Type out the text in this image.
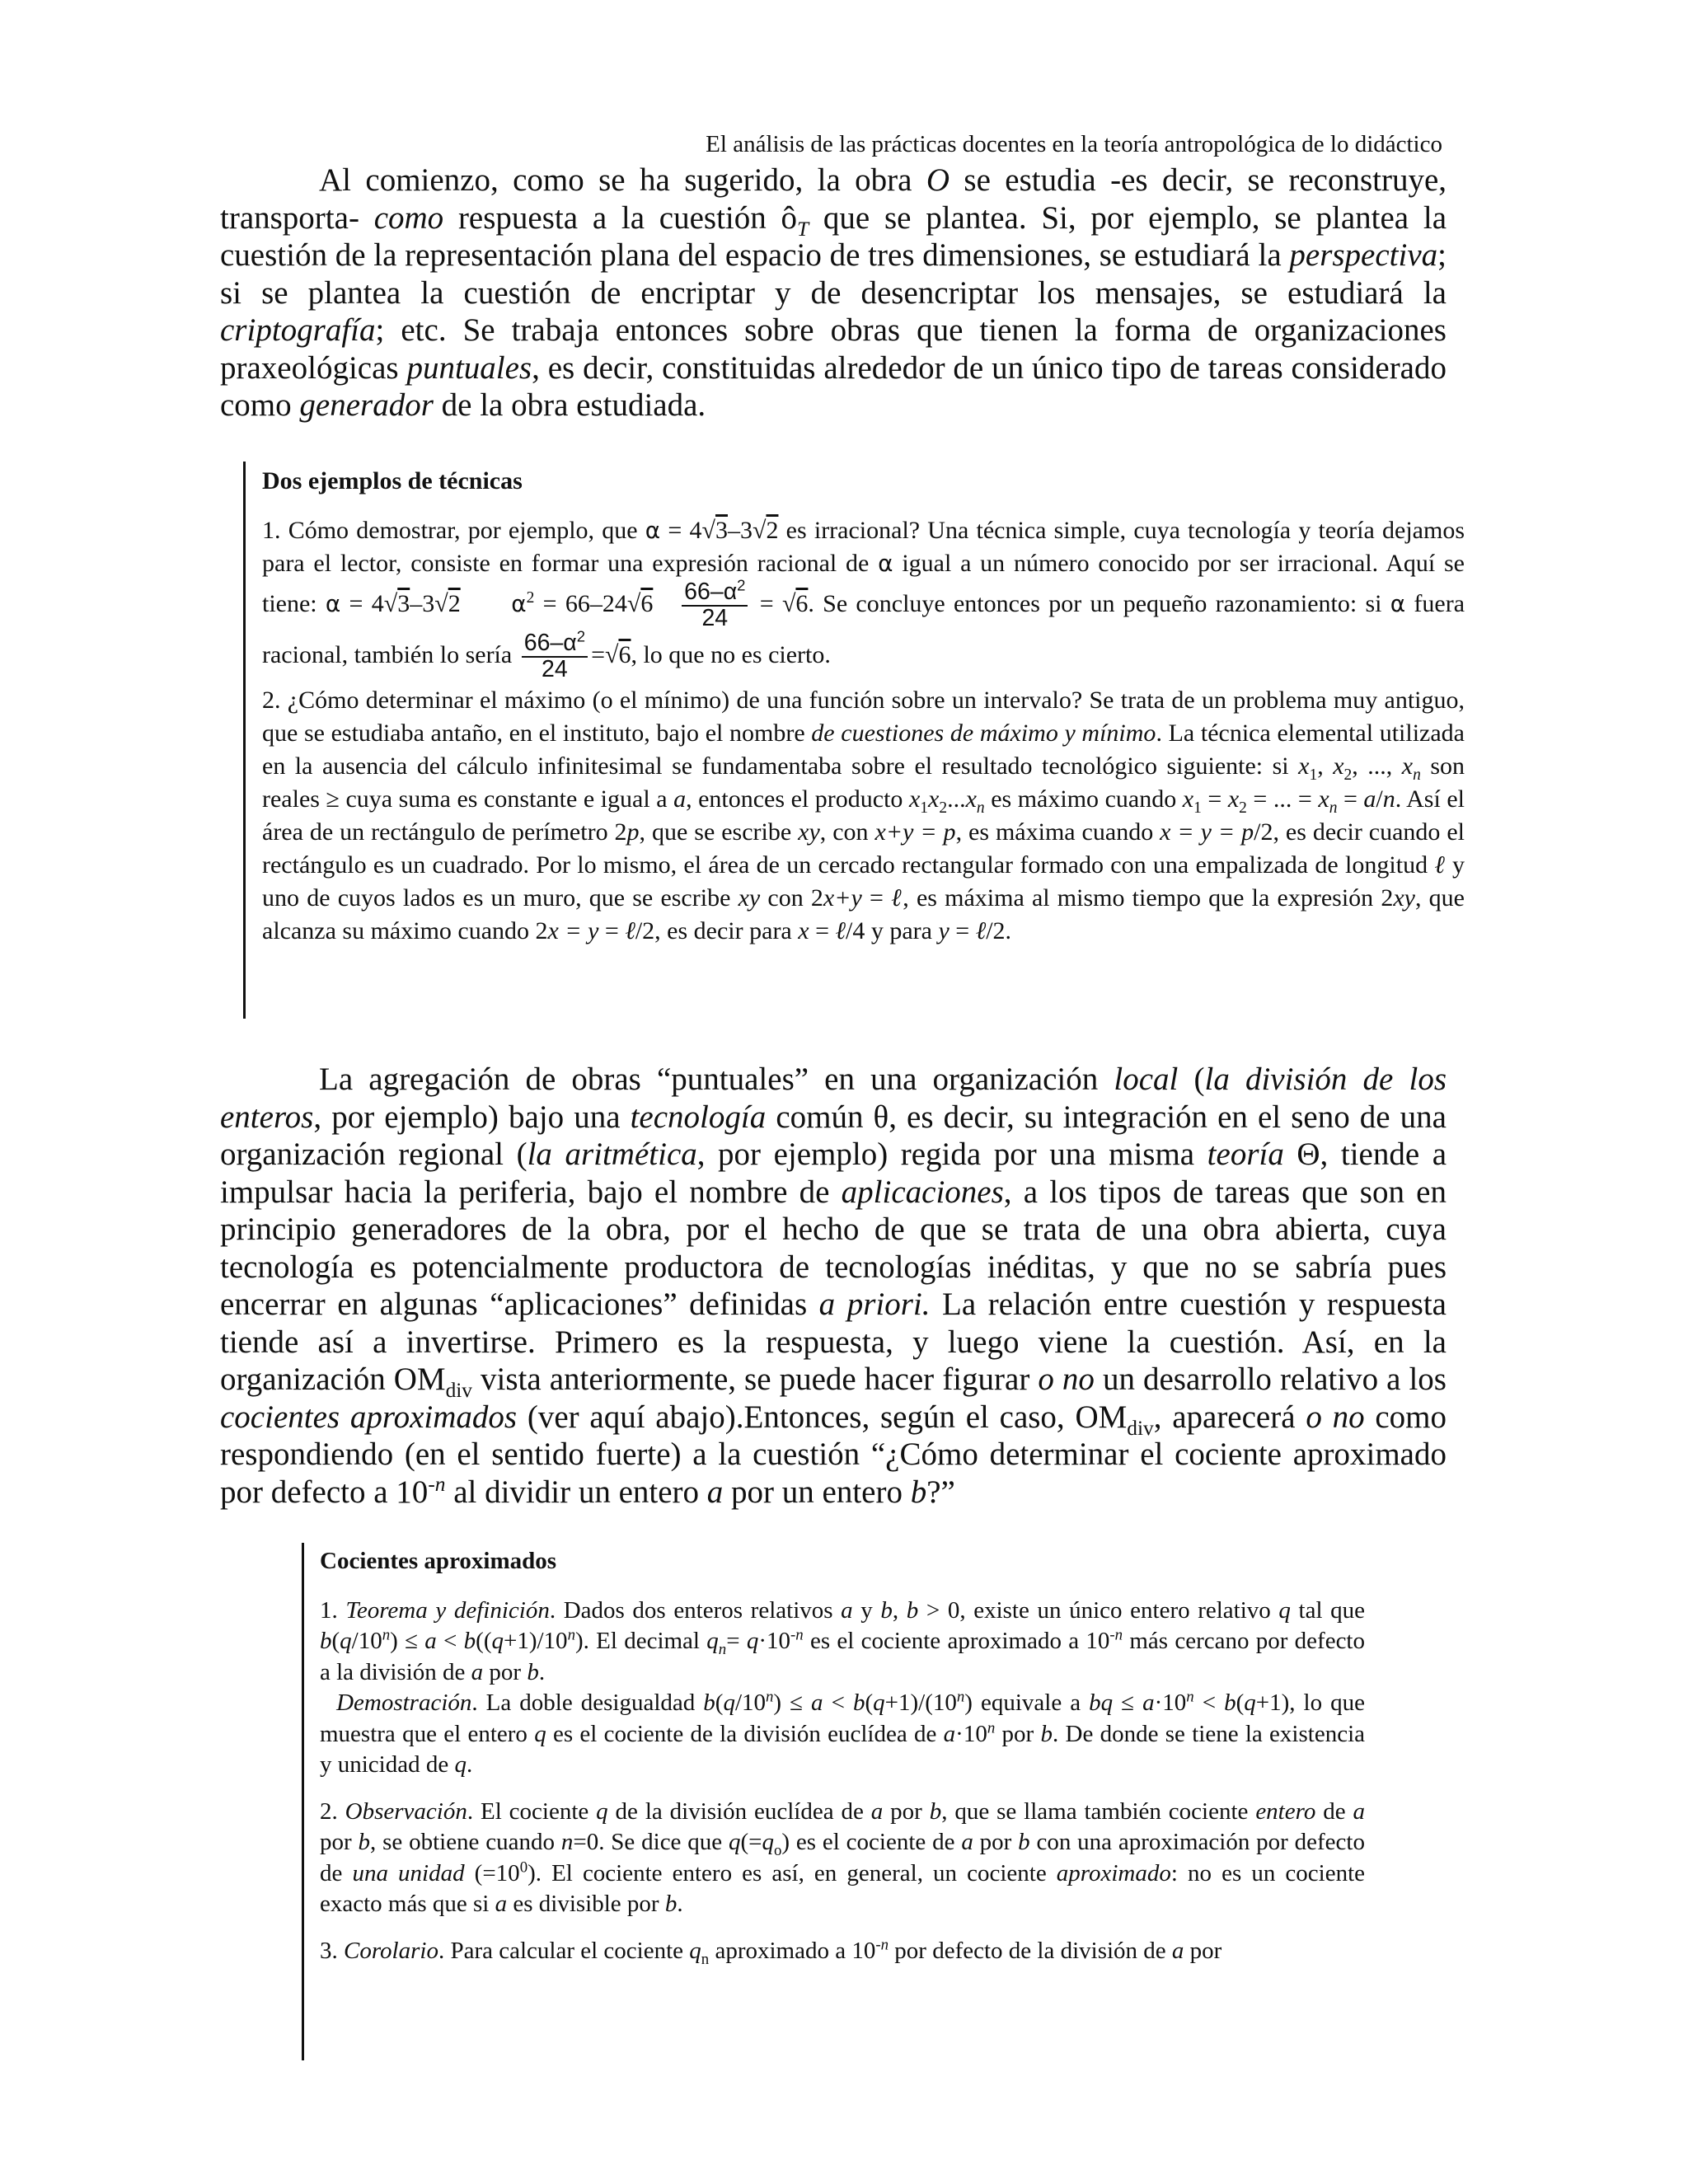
El análisis de las prácticas docentes en la teoría antropológica de lo didáctico

Al comienzo, como se ha sugerido, la obra O se estudia -es decir, se reconstruye, transporta- como respuesta a la cuestión $ô_T$ que se plantea. Si, por ejemplo, se plantea la cuestión de la representación plana del espacio de tres dimensiones, se estudiará la perspectiva; si se plantea la cuestión de encriptar y de desencriptar los mensajes, se estudiará la criptografía; etc. Se trabaja entonces sobre obras que tienen la forma de organizaciones praxeológicas puntuales, es decir, constituidas alrededor de un único tipo de tareas considerado como generador de la obra estudiada.

Dos ejemplos de técnicas

1. Cómo demostrar, por ejemplo, que α = 4√3–3√2 es irracional? Una técnica simple, cuya tecnología y teoría dejamos para el lector, consiste en formar una expresión racional de α igual a un número conocido por ser irracional. Aquí se tiene: α = 4√3–3√2 $\alpha^2 = 66-24√6 \frac{66-\alpha^2}{24} = √6$. Se concluye entonces por un pequeño razonamiento: si α fuera racional, también lo sería $\frac{66-\alpha^2}{24} =√6$, lo que no es cierto.

2. ¿Cómo determinar el máximo (o el mínimo) de una función sobre un intervalo? Se trata de un problema muy antiguo, que se estudiaba antaño, en el instituto, bajo el nombre de cuestiones de máximo y mínimo. La técnica elemental utilizada en la ausencia del cálculo infinitesimal se fundamentaba sobre el resultado tecnológico siguiente: si $x_1$, $x_2$, ..., $x_n$ son reales ≥ cuya suma es constante e igual a a, entonces el producto $x_1x_2...x_n$ es máximo cuando $x_1 = x_2$ = ... = $x_n = a/n$. Así el área de un rectángulo de perímetro 2p, que se escribe xy, con x+y = p, es máxima cuando x = y = p/2, es decir cuando el rectángulo es un cuadrado. Por lo mismo, el área de un cercado rectangular formado con una empalizada de longitud ℓ y uno de cuyos lados es un muro, que se escribe xy con 2x+y = ℓ, es máxima al mismo tiempo que la expresión 2xy, que alcanza su máximo cuando 2x = y = ℓ/2, es decir para x = ℓ/4 y para y = ℓ/2.

La agregación de obras “puntuales” en una organización local (la división de los enteros, por ejemplo) bajo una tecnología común θ, es decir, su integración en el seno de una organización regional (la aritmética, por ejemplo) regida por una misma teoría Θ, tiende a impulsar hacia la periferia, bajo el nombre de aplicaciones, a los tipos de tareas que son en principio generadores de la obra, por el hecho de que se trata de una obra abierta, cuya tecnología es potencialmente productora de tecnologías inéditas, y que no se sabría pues encerrar en algunas “aplicaciones” definidas a priori. La relación entre cuestión y respuesta tiende así a invertirse. Primero es la respuesta, y luego viene la cuestión. Así, en la organización $OM_{div}$ vista anteriormente, se puede hacer figurar o no un desarrollo relativo a los cocientes aproximados (ver aquí abajo).Entonces, según el caso, $OM_{div}$, aparecerá o no como respondiendo (en el sentido fuerte) a la cuestión “¿Cómo determinar el cociente aproximado por defecto a $10^{-n}$ al dividir un entero a por un entero b?”

Cocientes aproximados

1. Teorema y definición. Dados dos enteros relativos a y b, b > 0, existe un único entero relativo q tal que $b(q/10^n) \le a < b((q+1)/10^n)$. El decimal $q_n= q\cdot 10^{-n}$ es el cociente aproximado a $10^{-n}$ más cercano por defecto a la división de a por b.

Demostración. La doble desigualdad $b(q/10^n) \le a < b(q+1)/(10^n)$ equivale a bq ≤ $a\cdot 10^n < b(q+1)$, lo que muestra que el entero q es el cociente de la división euclídea de $a\cdot 10^n$ por b. De donde se tiene la existencia y unicidad de q.

2. Observación. El cociente q de la división euclídea de a por b, que se llama también cociente entero de a por b, se obtiene cuando n=0. Se dice que $q(=q_o)$ es el cociente de a por b con una aproximación por defecto de una unidad $(=10^0)$. El cociente entero es así, en general, un cociente aproximado: no es un cociente exacto más que si a es divisible por b.

3. Corolario. Para calcular el cociente $q_n$ aproximado a $10^{-n}$ por defecto de la división de a por
